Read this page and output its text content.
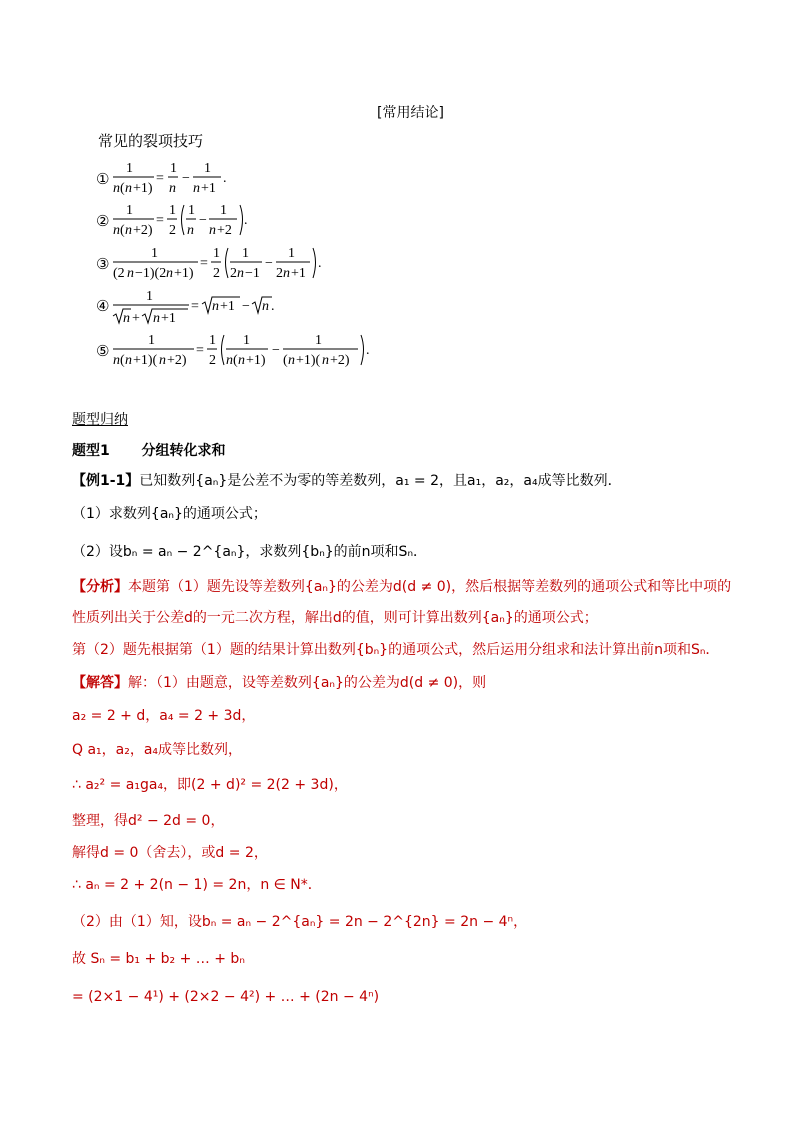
[常用结论]
常见的裂项技巧
①
1
n ( n +1)
=
1
n
−
1
n +1
.
②
1
n ( n +2)
=
1
2
1
n
−
1
n +2
.
③
1
(2 n −1)(2 n +1)
=
1
2
1
2 n −1
−
1
2 n +1
.
④
1
n + n +1
= n +1 − n .
⑤
1
n ( n +1)( n +2)
=
1
2
1
n ( n +1)
−
1
( n +1)( n +2)
.
题型归纳
题型1 分组转化求和
【例1-1】已知数列{aₙ}是公差不为零的等差数列，a₁ = 2，且a₁，a₂，a₄成等比数列．
（1）求数列{aₙ}的通项公式；
（2）设bₙ = aₙ − 2^{aₙ}，求数列{bₙ}的前n项和Sₙ．
【分析】本题第（1）题先设等差数列{aₙ}的公差为d(d ≠ 0)，然后根据等差数列的通项公式和等比中项的
性质列出关于公差d的一元二次方程，解出d的值，则可计算出数列{aₙ}的通项公式；
第（2）题先根据第（1）题的结果计算出数列{bₙ}的通项公式，然后运用分组求和法计算出前n项和Sₙ．
【解答】解：（1）由题意，设等差数列{aₙ}的公差为d(d ≠ 0)，则
a₂ = 2 + d，a₄ = 2 + 3d，
Q a₁，a₂，a₄成等比数列，
∴ a₂² = a₁ga₄，即(2 + d)² = 2(2 + 3d)，
整理，得d² − 2d = 0，
解得d = 0（舍去），或d = 2，
∴ aₙ = 2 + 2(n − 1) = 2n，n ∈ N*．
（2）由（1）知，设bₙ = aₙ − 2^{aₙ} = 2n − 2^{2n} = 2n − 4ⁿ，
故 Sₙ = b₁ + b₂ + … + bₙ
= (2×1 − 4¹) + (2×2 − 4²) + … + (2n − 4ⁿ)
